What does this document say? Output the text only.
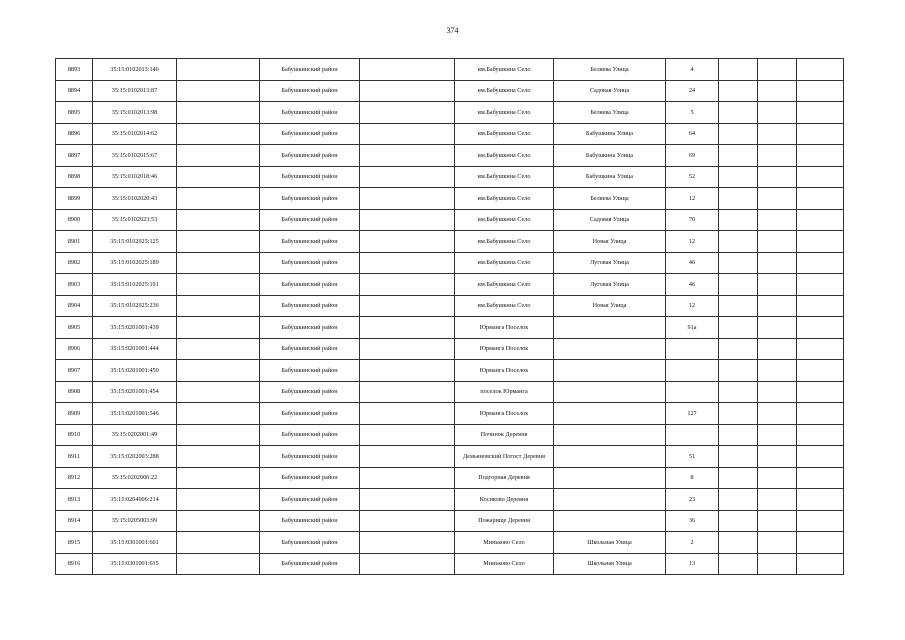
374
8893	35:15:0102013:146		Бабушкинский район		им.Бабушкина Село	Беляева Улица	4			
8894	35:15:0102013:87		Бабушкинский район		им.Бабушкина Село	Садовая Улица	24			
8895	35:15:0102013:98		Бабушкинский район		им.Бабушкина Село	Беляева Улица	5			
8896	35:15:0102014:62		Бабушкинский район		им.Бабушкина Село	Бабушкина Улица	64			
8897	35:15:0102015:67		Бабушкинский район		им.Бабушкина Село	Бабушкина Улица	69			
8898	35:15:0102018:46		Бабушкинский район		им.Бабушкина Село	Бабушкина Улица	52			
8899	35:15:0102020:43		Бабушкинский район		им.Бабушкина Село	Беляева Улица	12			
8900	35:15:0102023:53		Бабушкинский район		им.Бабушкина Село	Садовая Улица	70			
8901	35:15:0102025:125		Бабушкинский район		им.Бабушкина Село	Новая Улица	12			
8902	35:15:0102025:189		Бабушкинский район		им.Бабушкина Село	Луговая Улица	46			
8903	35:15:0102025:191		Бабушкинский район		им.Бабушкина Село	Луговая Улица	46			
8904	35:15:0102025:236		Бабушкинский район		им.Бабушкина Село	Новая Улица	12			
8905	35:15:0201001:439		Бабушкинский район		Юрманга Поселок		91а			
8906	35:15:0201001:444		Бабушкинский район		Юрманга Поселок					
8907	35:15:0201001:450		Бабушкинский район		Юрманга Поселок					
8908	35:15:0201001:454		Бабушкинский район		поселок Юрманга					
8909	35:15:0201001:546		Бабушкинский район		Юрманга Поселок		127			
8910	35:15:0202001:49		Бабушкинский район		Починок Деревня					
8911	35:15:0202003:288		Бабушкинский район		Демьяновский Погост Деревня		51			
8912	35:15:0202006:22		Бабушкинский район		Подгорная Деревня		8			
8913	35:15:0204006:214		Бабушкинский район		Косиково Деревня		23			
8914	35:15:0205003:99		Бабушкинский район		Пожарище Деревня		36			
8915	35:15:0301001:601		Бабушкинский район		Миньково Село	Школьная Улица	2			
8916	35:15:0301001:615		Бабушкинский район		Миньково Село	Школьная Улица	13			
